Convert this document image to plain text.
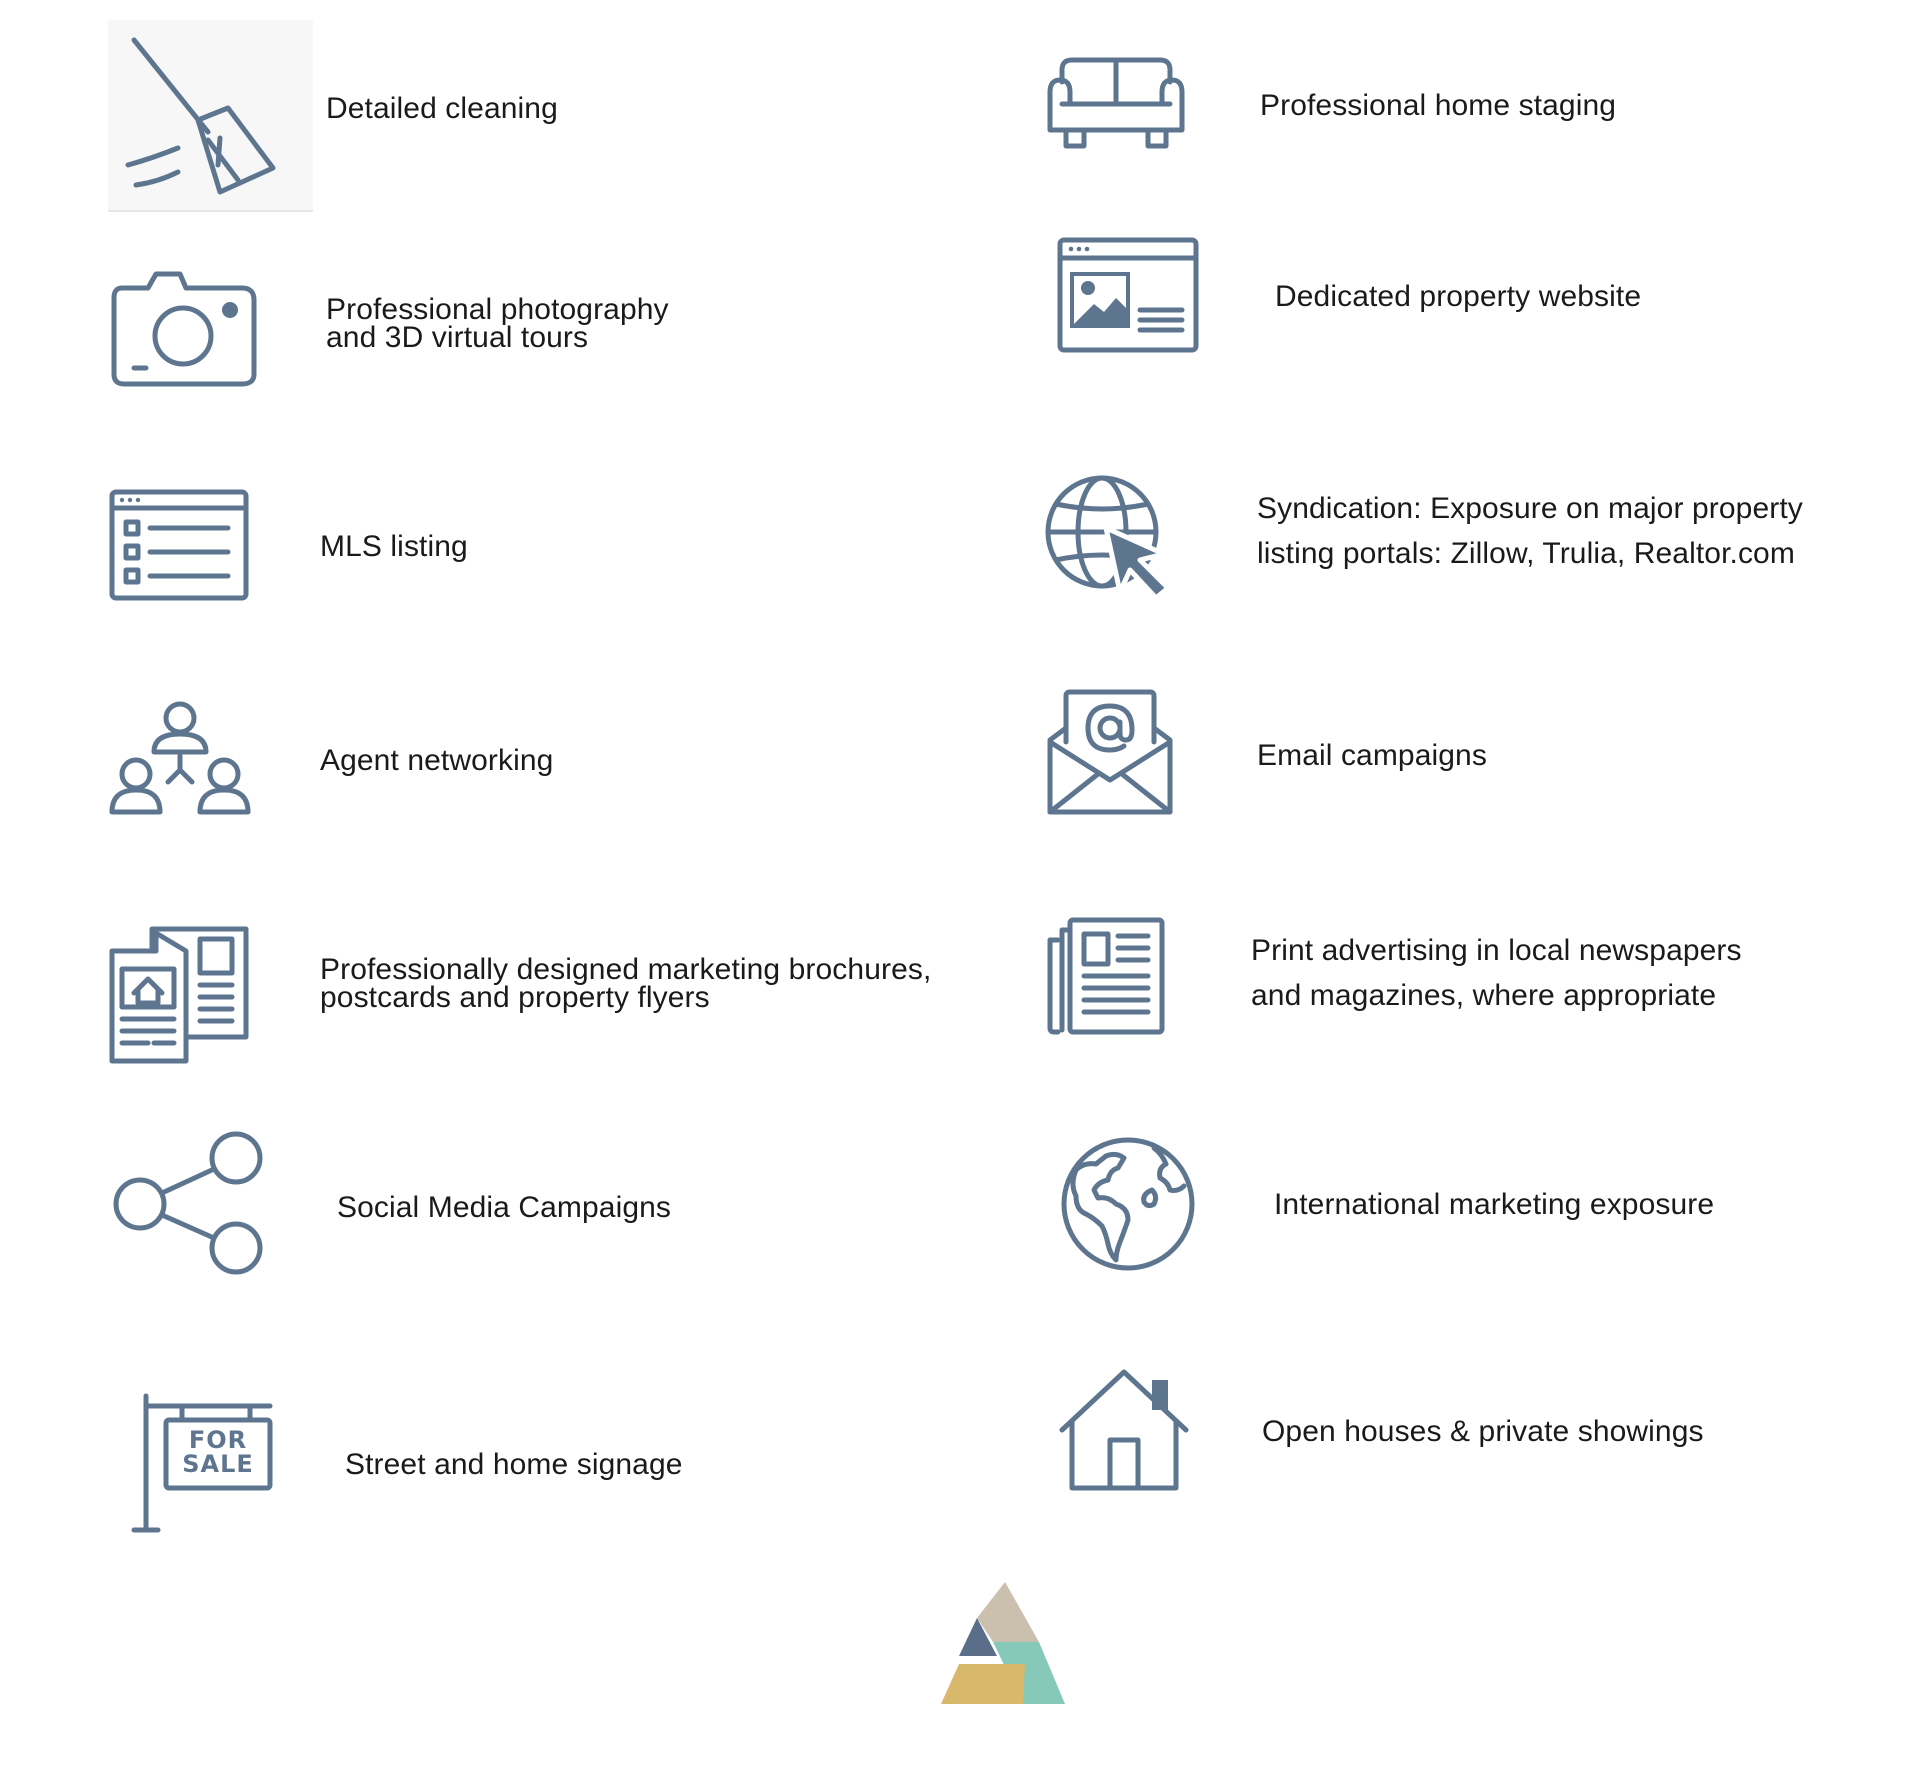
Detailed cleaning
Professional photography
and 3D virtual tours
MLS listing
Agent networking
Professionally designed marketing brochures,
postcards and property flyers
Social Media Campaigns
FOR
SALE	Street and home signage
Professional home staging
Dedicated property website
Syndication: Exposure on major property
listing portals: Zillow, Trulia, Realtor.com
Email campaigns
Print advertising in local newspapers
and magazines, where appropriate
International marketing exposure
Open houses & private showings
